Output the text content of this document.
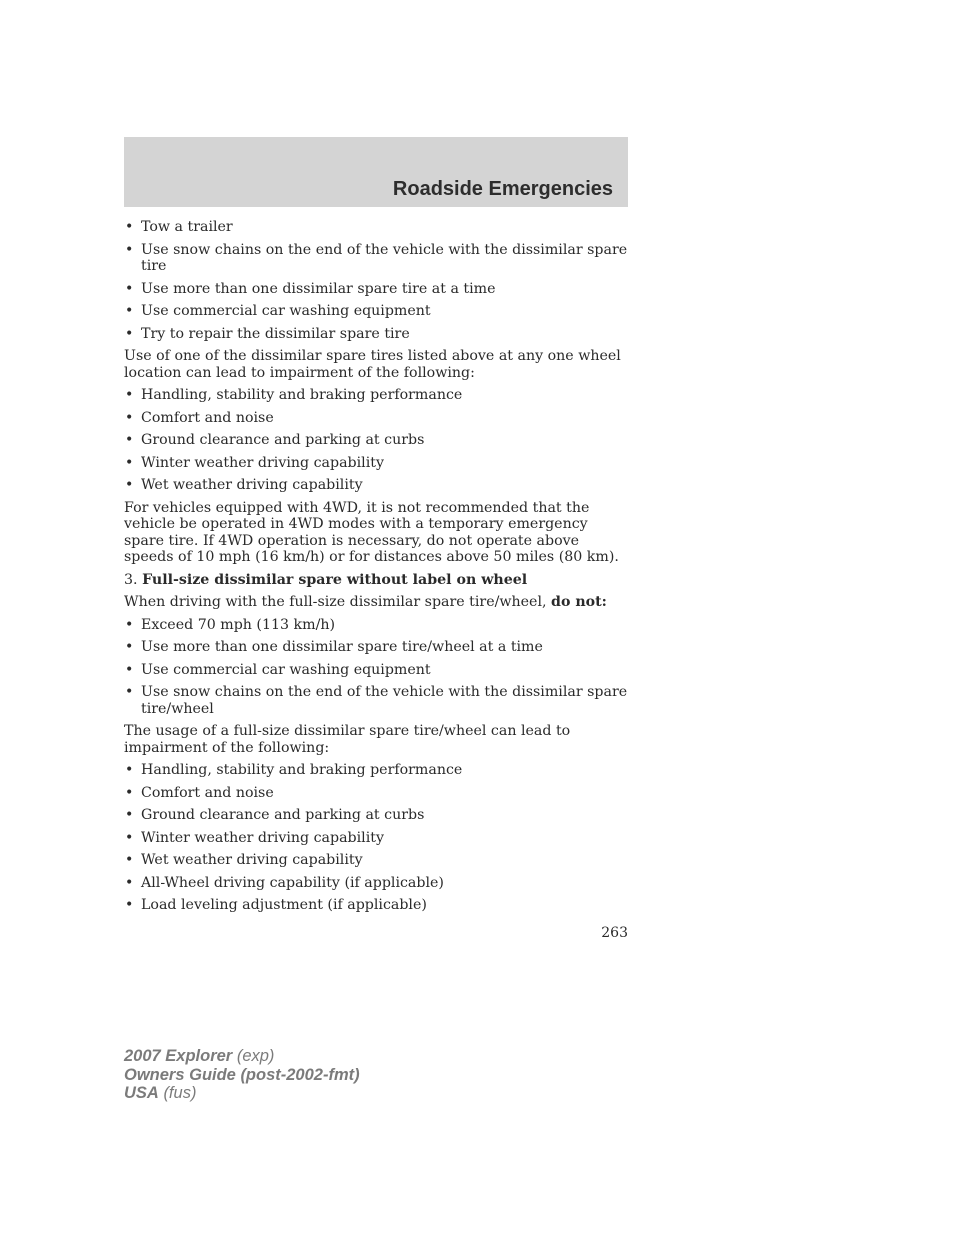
Roadside Emergencies
• Tow a trailer
• Use snow chains on the end of the vehicle with the dissimilar spare tire
• Use more than one dissimilar spare tire at a time
• Use commercial car washing equipment
• Try to repair the dissimilar spare tire

Use of one of the dissimilar spare tires listed above at any one wheel location can lead to impairment of the following:

• Handling, stability and braking performance
• Comfort and noise
• Ground clearance and parking at curbs
• Winter weather driving capability
• Wet weather driving capability

For vehicles equipped with 4WD, it is not recommended that the vehicle be operated in 4WD modes with a temporary emergency spare tire. If 4WD operation is necessary, do not operate above speeds of 10 mph (16 km/h) or for distances above 50 miles (80 km).

3. Full-size dissimilar spare without label on wheel

When driving with the full-size dissimilar spare tire/wheel, do not:

• Exceed 70 mph (113 km/h)
• Use more than one dissimilar spare tire/wheel at a time
• Use commercial car washing equipment
• Use snow chains on the end of the vehicle with the dissimilar spare tire/wheel

The usage of a full-size dissimilar spare tire/wheel can lead to impairment of the following:

• Handling, stability and braking performance
• Comfort and noise
• Ground clearance and parking at curbs
• Winter weather driving capability
• Wet weather driving capability
• All-Wheel driving capability (if applicable)
• Load leveling adjustment (if applicable)
263
2007 Explorer (exp)
Owners Guide (post-2002-fmt)
USA (fus)
